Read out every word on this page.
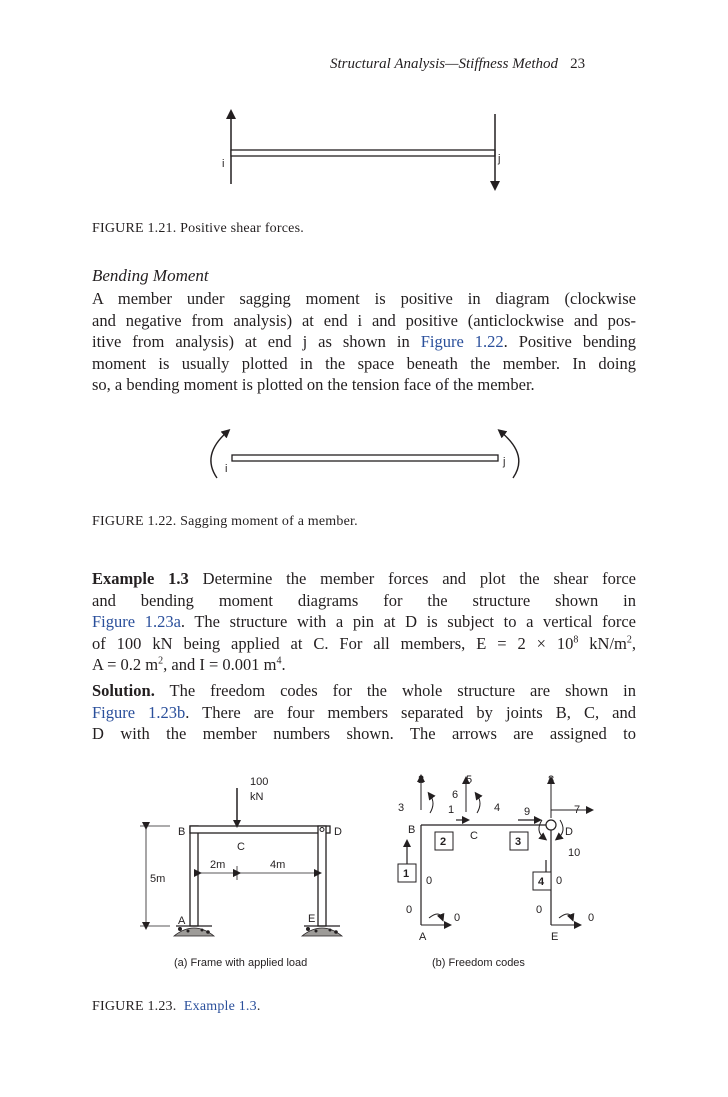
Structural Analysis—Stiffness Method 23
i	j
FIGURE 1.21. Positive shear forces.
Bending Moment
A member under sagging moment is positive in diagram (clockwise
and negative from analysis) at end i and positive (anticlockwise and pos-
itive from analysis) at end j as shown in Figure 1.22. Positive bending
moment is usually plotted in the space beneath the member. In doing
so, a bending moment is plotted on the tension face of the member.
i
j
FIGURE 1.22. Sagging moment of a member.
Example 1.3 Determine the member forces and plot the shear force
and bending moment diagrams for the structure shown in
Figure 1.23a. The structure with a pin at D is subject to a vertical force
of 100 kN being applied at C. For all members, $E = 2 \times 10^8$ $kN/m^2$,
A = 0.2 $m^2$, and I = 0.001 $m^4$.
Solution. The freedom codes for the whole structure are shown in
Figure 1.23b. There are four members separated by joints B, C, and
D with the member numbers shown. The arrows are assigned to
100
kN
B
C
D
A	E
2m	4m
5m
(a) Frame with applied load
1
2	3
4
2	5	8
3
6
1	4 9	7
10
0
0
0
0
0
0
B	C	D
A	E
(b) Freedom codes
FIGURE 1.23. Example 1.3.
